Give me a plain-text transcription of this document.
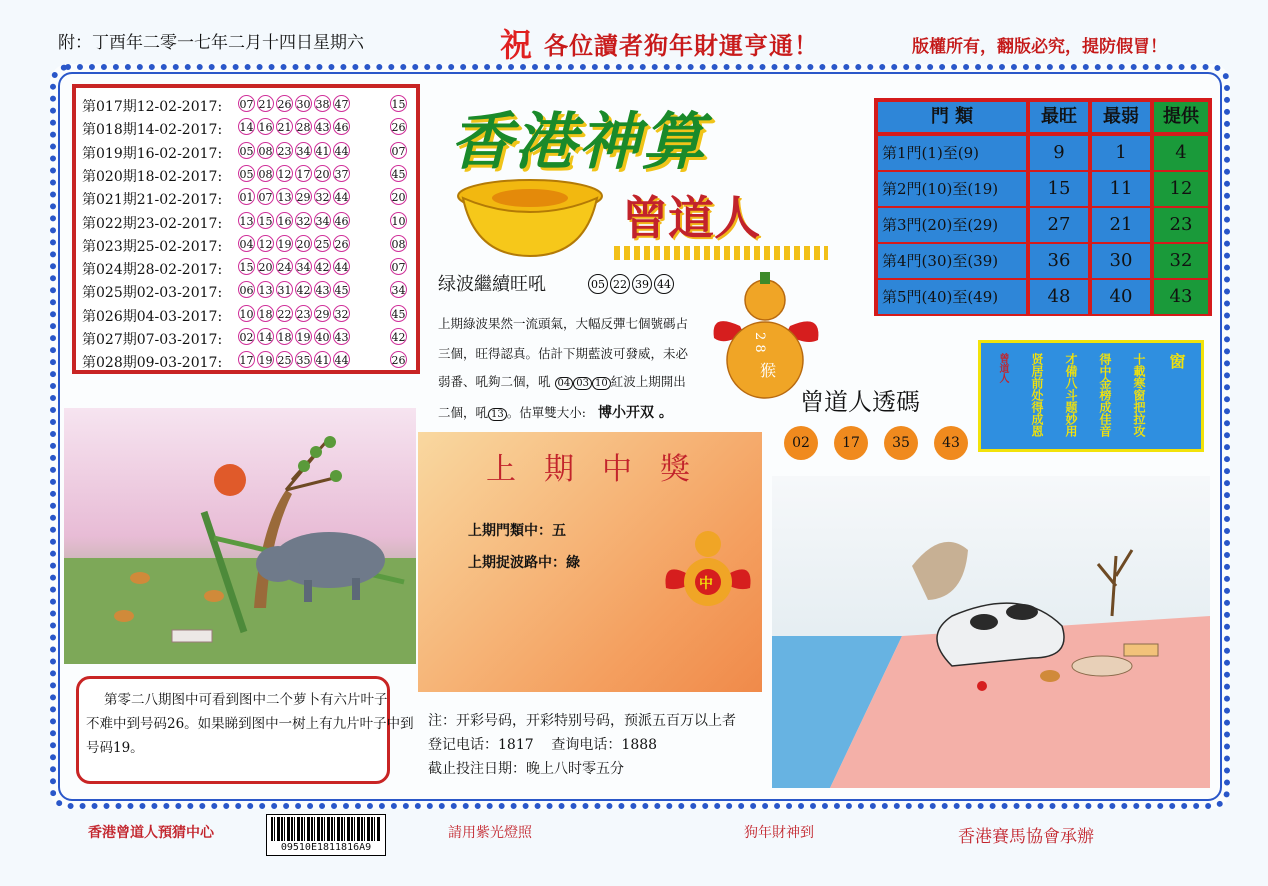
附：丁酉年二零一七年二月十四日星期六	祝 各位讀者狗年財運亨通！	版權所有，翻版必究，提防假冒！
第017期12-02-2017: 07 21 26 30 38 47	15
第018期14-02-2017: 14 16 21 28 43 46	26
第019期16-02-2017: 05 08 23 34 41 44	07
第020期18-02-2017: 05 08 12 17 20 37	45
第021期21-02-2017: 01 07 13 29 32 44	20
第022期23-02-2017: 13 15 16 32 34 46	10
第023期25-02-2017: 04 12 19 20 25 26	08
第024期28-02-2017: 15 20 24 34 42 44	07
第025期02-03-2017: 06 13 31 42 43 45	34
第026期04-03-2017: 10 18 22 23 29 32	45
第027期07-03-2017: 02 14 18 19 40 43	42
第028期09-03-2017: 17 19 25 35 41 44	26
香港神算
曾道人
绿波繼續旺吼	05 22 39 44
上期綠波果然一流頭氣，大幅反彈七個號碼占
三個，旺得認真。估計下期藍波可發威，未必
弱番、吼夠二個，吼 04 03 10 紅波上期開出
二個，吼 13 。估單雙大小: 博小开双 。
門 類	最旺	最弱	提供
第1門(1)至(9)	9	1	4
第2門(10)至(19)	15	11	12
第3門(20)至(29)	27	21	23
第4門(30)至(39)	36	30	32
第5門(40)至(49)	48	40	43
窗
十載寒窗把拉攻
得中金榜成佳音
才備八斗题妙用
贤居前处得成恩
曾道人
2 8
猴
曾道人透碼
02	17	35	43
上期中獎
上期門類中：五
上期捉波路中：綠
中
第零二八期图中可看到图中二个萝卜有六片叶子
不难中到号码26。如果睇到图中一树上有九片叶子中到
号码19。
注：开彩号码，开彩特别号码，预派五百万以上者
登记电话：1817    查询电话：1888
截止投注日期：晚上八时零五分
香港曾道人預猜中心
09510E1811816A9
請用紫光燈照	狗年財神到	香港賽馬協會承辦
